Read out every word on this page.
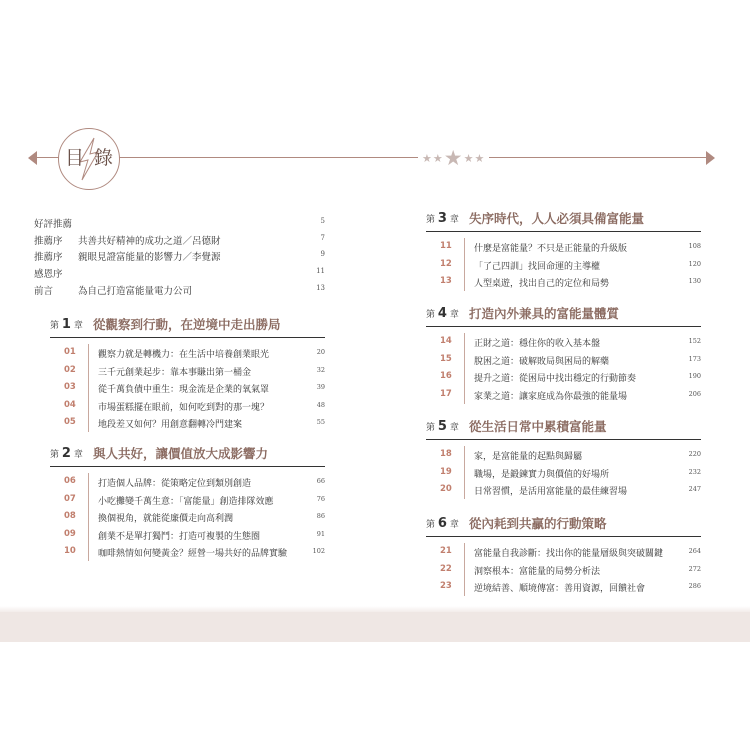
目 錄	★★★★★
好評推薦	5
推薦序 共善共好精神的成功之道／呂德財	7
推薦序 親眼見證富能量的影響力／李覺源	9
感恩序	11
前言	為自己打造富能量電力公司	13
第 1 章 從觀察到行動，在逆境中走出勝局
01 觀察力就是轉機力：在生活中培養創業眼光	20
02 三千元創業起步：靠本事賺出第一桶金	32
03 從千萬負債中重生：現金流是企業的氧氣罩	39
04 市場蛋糕擺在眼前，如何吃到對的那一塊？	48
05 地段差又如何？用創意翻轉冷門建案	55
第 2 章 與人共好，讓價值放大成影響力
06 打造個人品牌：從策略定位到類別創造	66
07 小吃攤變千萬生意：「富能量」創造排隊效應	76
08 換個視角，就能從廉價走向高利潤	86
09 創業不是單打獨鬥：打造可複製的生態圈	91
10 咖啡熱情如何變黃金？經營一場共好的品牌實驗	102
第 3 章 失序時代，人人必須具備富能量
11 什麼是富能量？不只是正能量的升級版	108
12 「了己四訓」找回命運的主導權	120
13 人型桌遊，找出自己的定位和局勢	130
第 4 章 打造內外兼具的富能量體質
14 正財之道：穩住你的收入基本盤	152
15 脫困之道：破解敗局與困局的解藥	173
16 提升之道：從困局中找出穩定的行動節奏	190
17 家業之道：讓家庭成為你最強的能量場	206
第 5 章 從生活日常中累積富能量
18 家，是富能量的起點與歸屬	220
19 職場，是鍛鍊實力與價值的好場所	232
20 日常習慣，是活用富能量的最佳練習場	247
第 6 章 從內耗到共贏的行動策略
21 富能量自我診斷：找出你的能量層級與突破關鍵	264
22 洞察根本：富能量的局勢分析法	272
23 逆境結善、順境傳富：善用資源，回饋社會	286
